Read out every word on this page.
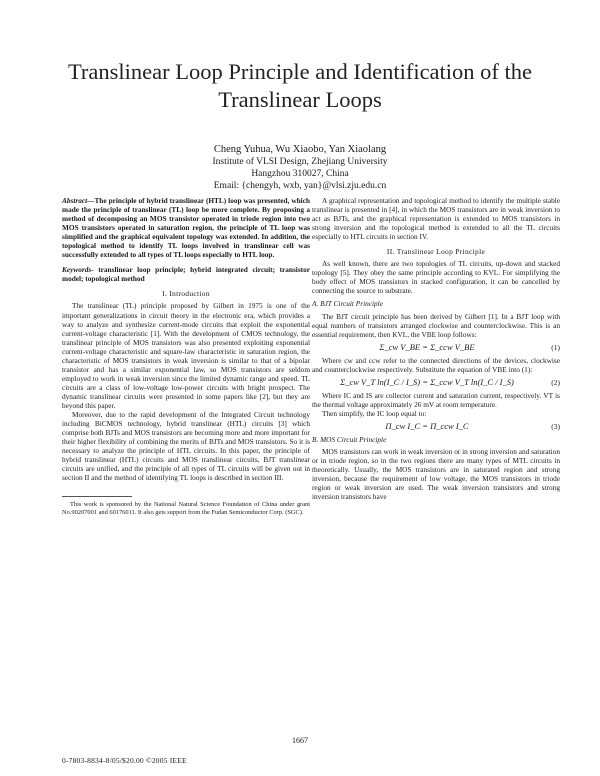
Translinear Loop Principle and Identification of the Translinear Loops
Cheng Yuhua, Wu Xiaobo, Yan Xiaolang
Institute of VLSI Design, Zhejiang University
Hangzhou 310027, China
Email: {chengyh, wxb, yan}@vlsi.zju.edu.cn
Abstract—The principle of hybrid translinear (HTL) loop was presented, which made the principle of translinear (TL) loop be more complete. By proposing a method of decomposing an MOS transistor operated in triode region into two MOS transistors operated in saturation region, the principle of TL loop was simplified and the graphical equivalent topology was extended. In addition, the topological method to identify TL loops involved in translinear cell was successfully extended to all types of TL loops especially to HTL loop.
Keywords- translinear loop principle; hybrid integrated circuit; transistor model; topological method
I. Introduction
The translinear (TL) principle proposed by Gilbert in 1975 is one of the important generalizations in circuit theory in the electronic era, which provides a way to analyze and synthesize current-mode circuits that exploit the exponential current-voltage characteristic [1]. With the development of CMOS technology, the translinear principle of MOS transistors was also presented exploiting exponential current-voltage characteristic and square-law characteristic in saturation region, the characteristic of MOS transistors in weak inversion is similar to that of a bipolar transistor and has a similar exponential law, so MOS transistors are seldom employed to work in weak inversion since the limited dynamic range and speed. TL circuits are a class of low-voltage low-power circuits with bright prospect. The dynamic translinear circuits were presented in some papers like [2], but they are beyond this paper.
Moreover, due to the rapid development of the Integrated Circuit technology including BiCMOS technology, hybrid translinear (HTL) circuits [3] which comprise both BJTs and MOS transistors are becoming more and more important for their higher flexibility of combining the merits of BJTs and MOS transistors. So it is necessary to analyze the principle of HTL circuits. In this paper, the principle of hybrid translinear (HTL) circuits and MOS translinear circuits, BJT translinear circuits are unified, and the principle of all types of TL circuits will be given out in section II and the method of identifying TL loops is described in section III.
This work is sponsored by the National Natural Science Foundation of China under grant No.90207001 and 60176011. It also gets support from the Fudan Semiconductor Corp. (SGC).
A graphical representation and topological method to identify the multiple stable translinear is presented in [4], in which the MOS transistors are in weak inversion to act as BJTs, and the graphical representation is extended to MOS transistors in strong inversion and the topological method is extended to all the TL circuits especially to HTL circuits in section IV.
II. Translinear Loop Principle
As well known, there are two topologies of TL circuits, up-down and stacked topology [5]. They obey the same principle according to KVL. For simplifying the body effect of MOS transistors in stacked configuration, it can be cancelled by connecting the source to substrate.
A. BJT Circuit Principle
The BJT circuit principle has been derived by Gilbert [1]. In a BJT loop with equal numbers of transistors arranged clockwise and counterclockwise. This is an essential requirement, then KVL, the VBE loop follows:
Σ_cw V_BE = Σ_ccw V_BE	(1)
Where cw and ccw refer to the connected directions of the devices, clockwise and counterclockwise respectively. Substitute the equation of VBE into (1):
Σ_cw V_T ln(I_C / I_S) = Σ_ccw V_T ln(I_C / I_S)	(2)
Where IC and IS are collector current and saturation current, respectively. VT is the thermal voltage approximately 26 mV at room temperature.
Then simplify, the IC loop equal to:
Π_cw I_C = Π_ccw I_C	(3)
B. MOS Circuit Principle
MOS transistors can work in weak inversion or in strong inversion and saturation or in triode region, so in the two regions there are many types of MTL circuits in theoretically. Usually, the MOS transistors are in saturated region and strong inversion, because the requirement of low voltage, the MOS transistors in triode region or weak inversion are used. The weak inversion transistors and strong inversion transistors have
1667
0-7803-8834-8/05/$20.00 ©2005 IEEE
